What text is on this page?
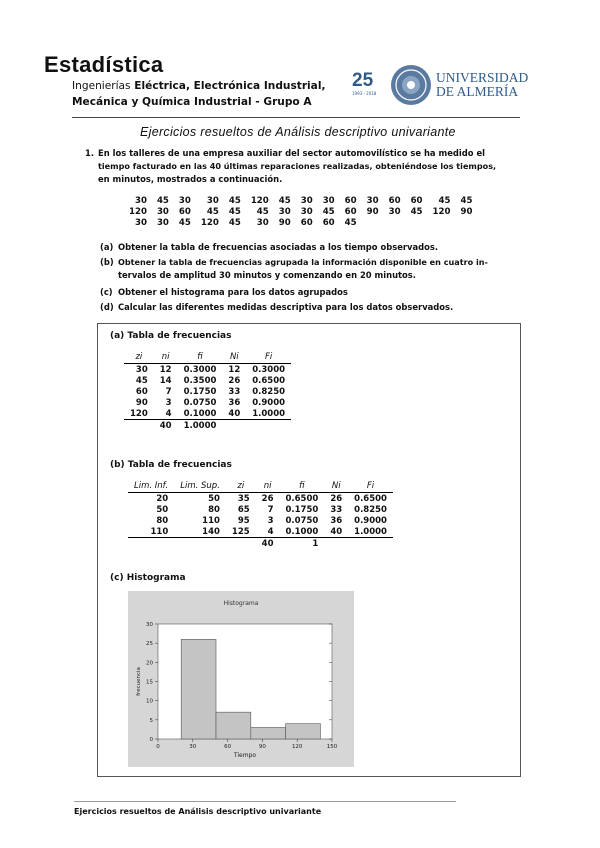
Estadística
Ingenierías Eléctrica, Electrónica Industrial,
Mecánica y Química Industrial - Grupo A
25
1993 - 2018
UNIVERSIDAD
DE ALMERÍA
Ejercicios resueltos de Análisis descriptivo univariante
1. En los talleres de una empresa auxiliar del sector automovilístico se ha medido el
tiempo facturado en las 40 últimas reparaciones realizadas, obteniéndose los tiempos,
en minutos, mostrados a continuación.
30	45	30	30	45	120	45	30	30	60	30	60	60	45	45
120	30	60	45	45	45	30	30	45	60	90	30	45	120	90
30	30	45	120	45	30	90	60	60	45					
(a) Obtener la tabla de frecuencias asociadas a los tiempo observados.
(b) Obtener la tabla de frecuencias agrupada la información disponible en cuatro in-
tervalos de amplitud 30 minutos y comenzando en 20 minutos.
(c) Obtener el histograma para los datos agrupados
(d) Calcular las diferentes medidas descriptiva para los datos observados.
(a) Tabla de frecuencias
zi	ni	fi	Ni	Fi
30	12	0.3000	12	0.3000
45	14	0.3500	26	0.6500
60	7	0.1750	33	0.8250
90	3	0.0750	36	0.9000
120	4	0.1000	40	1.0000
	40	1.0000		
(b) Tabla de frecuencias
Lim. Inf.	Lim. Sup.	zi	ni	fi	Ni	Fi
20	50	35	26	0.6500	26	0.6500
50	80	65	7	0.1750	33	0.8250
80	110	95	3	0.0750	36	0.9000
110	140	125	4	0.1000	40	1.0000
			40	1		
(c) Histograma
Histograma
0	30	60	90	120	150
0
5
10
15
20
25
30
Tiempo
frecuencia
Ejercicios resueltos de Análisis descriptivo univariante
